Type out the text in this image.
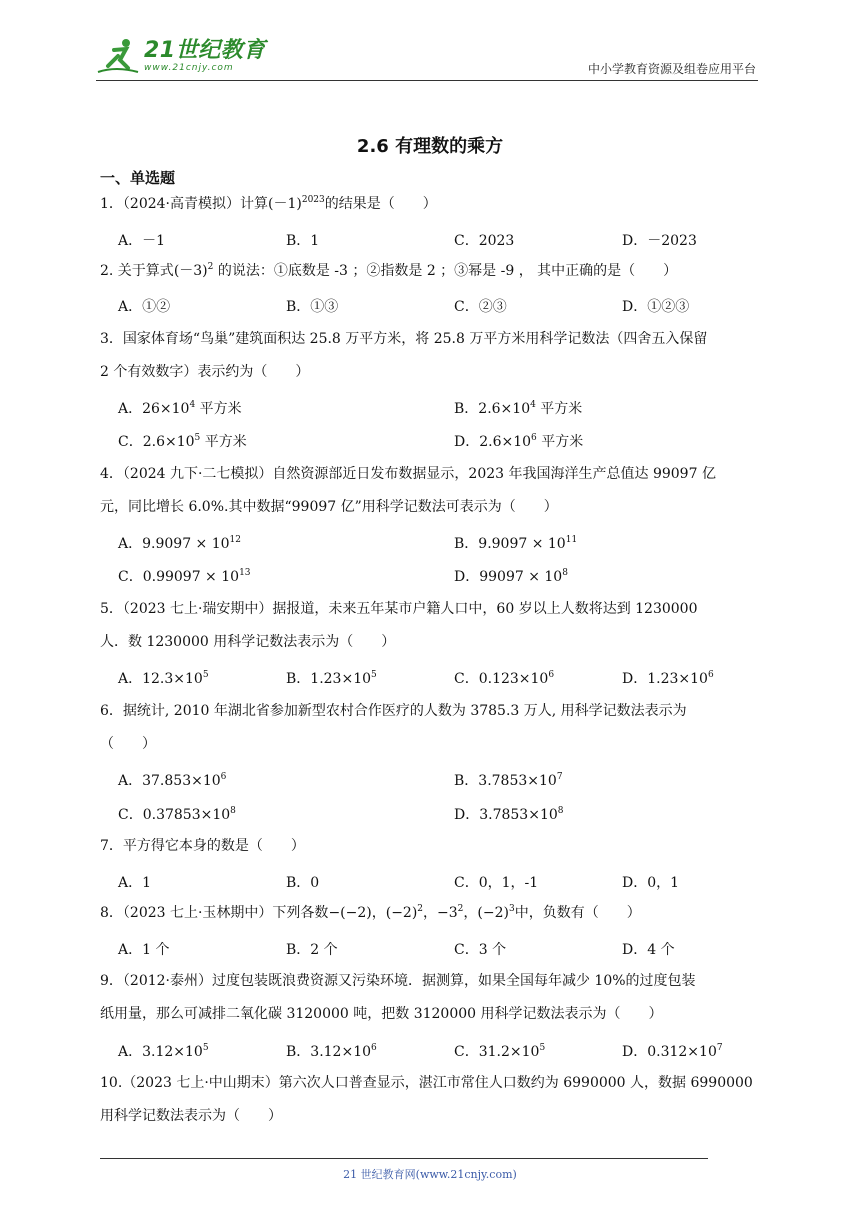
21世纪教育
www.21cnjy.com	中小学教育资源及组卷应用平台
2.6 有理数的乘方
一、单选题
1．（2024·高青模拟）计算$(-1)^{2023}$的结果是（　　）
A．－1	B．1	C．2023	D．－2023
2. 关于算式$(-3)^2$ 的说法：①底数是 -3 ；②指数是 2 ；③幂是 -9 ， 其中正确的是（　　）
A．①②	B．①③	C．②③	D．①②③
3．国家体育场“鸟巢”建筑面积达 25.8 万平方米，将 25.8 万平方米用科学记数法（四舍五入保留
2 个有效数字）表示约为（　　）
A．$26\times 10^4$ 平方米	B．$2.6\times 10^4$ 平方米
C．$2.6\times 10^5$ 平方米	D．$2.6\times 10^6$ 平方米
4．（2024 九下·二七模拟）自然资源部近日发布数据显示，2023 年我国海洋生产总值达 99097 亿
元，同比增长 6.0%.其中数据“99097 亿”用科学记数法可表示为（　　）
A．$9.9097 \times 10^{12}$	B．$9.9097 \times 10^{11}$
C．$0.99097 \times 10^{13}$	D．$99097 \times 10^8$
5．（2023 七上·瑞安期中）据报道，未来五年某市户籍人口中，60 岁以上人数将达到 1230000
人．数 1230000 用科学记数法表示为（　　）
A．$12.3\times 10^5$	B．$1.23\times 10^5$	C．$0.123\times 10^6$	D．$1.23\times 10^6$
6．据统计, 2010 年湖北省参加新型农村合作医疗的人数为 3785.3 万人, 用科学记数法表示为
（　　）
A．$37.853\times 10^6$	B．$3.7853\times 10^7$
C．$0.37853\times 10^8$	D．$3.7853\times 10^8$
7．平方得它本身的数是（　　）
A．1	B．0	C．0，1，-1	D．0，1
8．（2023 七上·玉林期中）下列各数−(−2)，$(-2)^2$，$-3^2$，$(-2)^3$中，负数有（　　）
A．1 个	B．2 个	C．3 个	D．4 个
9．（2012·泰州）过度包装既浪费资源又污染环境．据测算，如果全国每年减少 10%的过度包装
纸用量，那么可减排二氧化碳 3120000 吨，把数 3120000 用科学记数法表示为（　　）
A．$3.12\times 10^5$	B．$3.12\times 10^6$	C．$31.2\times 10^5$	D．$0.312\times 10^7$
10.（2023 七上·中山期末）第六次人口普查显示，湛江市常住人口数约为 6990000 人，数据 6990000
用科学记数法表示为（　　）
21 世纪教育网(www.21cnjy.com)
